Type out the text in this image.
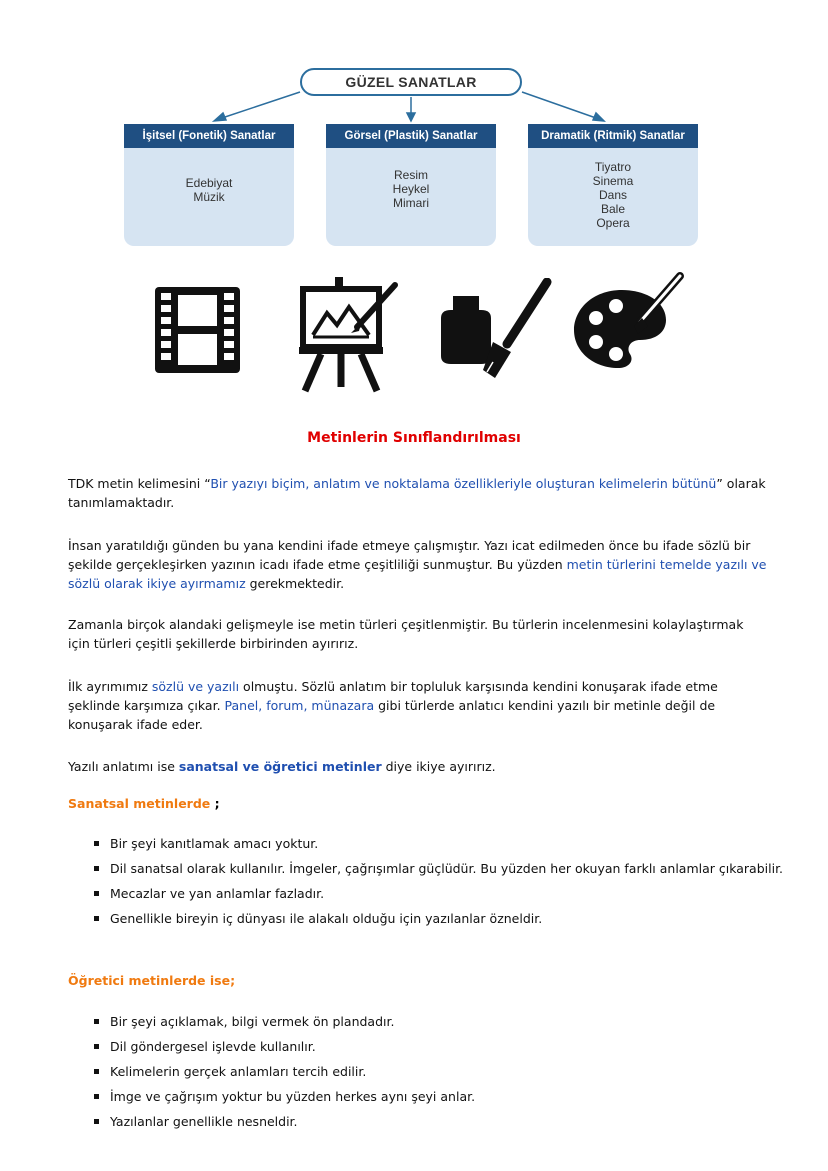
GÜZEL SANATLAR
İşitsel (Fonetik) Sanatlar
Edebiyat
Müzik
Görsel (Plastik) Sanatlar
Resim
Heykel
Mimari
Dramatik (Ritmik) Sanatlar
Tiyatro
Sinema
Dans
Bale
Opera
Metinlerin Sınıflandırılması
TDK metin kelimesini “Bir yazıyı biçim, anlatım ve noktalama özellikleriyle oluşturan kelimelerin bütünü” olarak tanımlamaktadır.
İnsan yaratıldığı günden bu yana kendini ifade etmeye çalışmıştır. Yazı icat edilmeden önce bu ifade sözlü bir şekilde gerçekleşirken yazının icadı ifade etme çeşitliliği sunmuştur. Bu yüzden metin türlerini temelde yazılı ve sözlü olarak ikiye ayırmamız gerekmektedir.
Zamanla birçok alandaki gelişmeyle ise metin türleri çeşitlenmiştir. Bu türlerin incelenmesini kolaylaştırmak için türleri çeşitli şekillerde birbirinden ayırırız.
İlk ayrımımız sözlü ve yazılı olmuştu. Sözlü anlatım bir topluluk karşısında kendini konuşarak ifade etme şeklinde karşımıza çıkar. Panel, forum, münazara gibi türlerde anlatıcı kendini yazılı bir metinle değil de konuşarak ifade eder.
Yazılı anlatımı ise sanatsal ve öğretici metinler diye ikiye ayırırız.
Sanatsal metinlerde ;
Bir şeyi kanıtlamak amacı yoktur.
Dil sanatsal olarak kullanılır. İmgeler, çağrışımlar güçlüdür. Bu yüzden her okuyan farklı anlamlar çıkarabilir.
Mecazlar ve yan anlamlar fazladır.
Genellikle bireyin iç dünyası ile alakalı olduğu için yazılanlar özneldir.
Öğretici metinlerde ise;
Bir şeyi açıklamak, bilgi vermek ön plandadır.
Dil göndergesel işlevde kullanılır.
Kelimelerin gerçek anlamları tercih edilir.
İmge ve çağrışım yoktur bu yüzden herkes aynı şeyi anlar.
Yazılanlar genellikle nesneldir.
